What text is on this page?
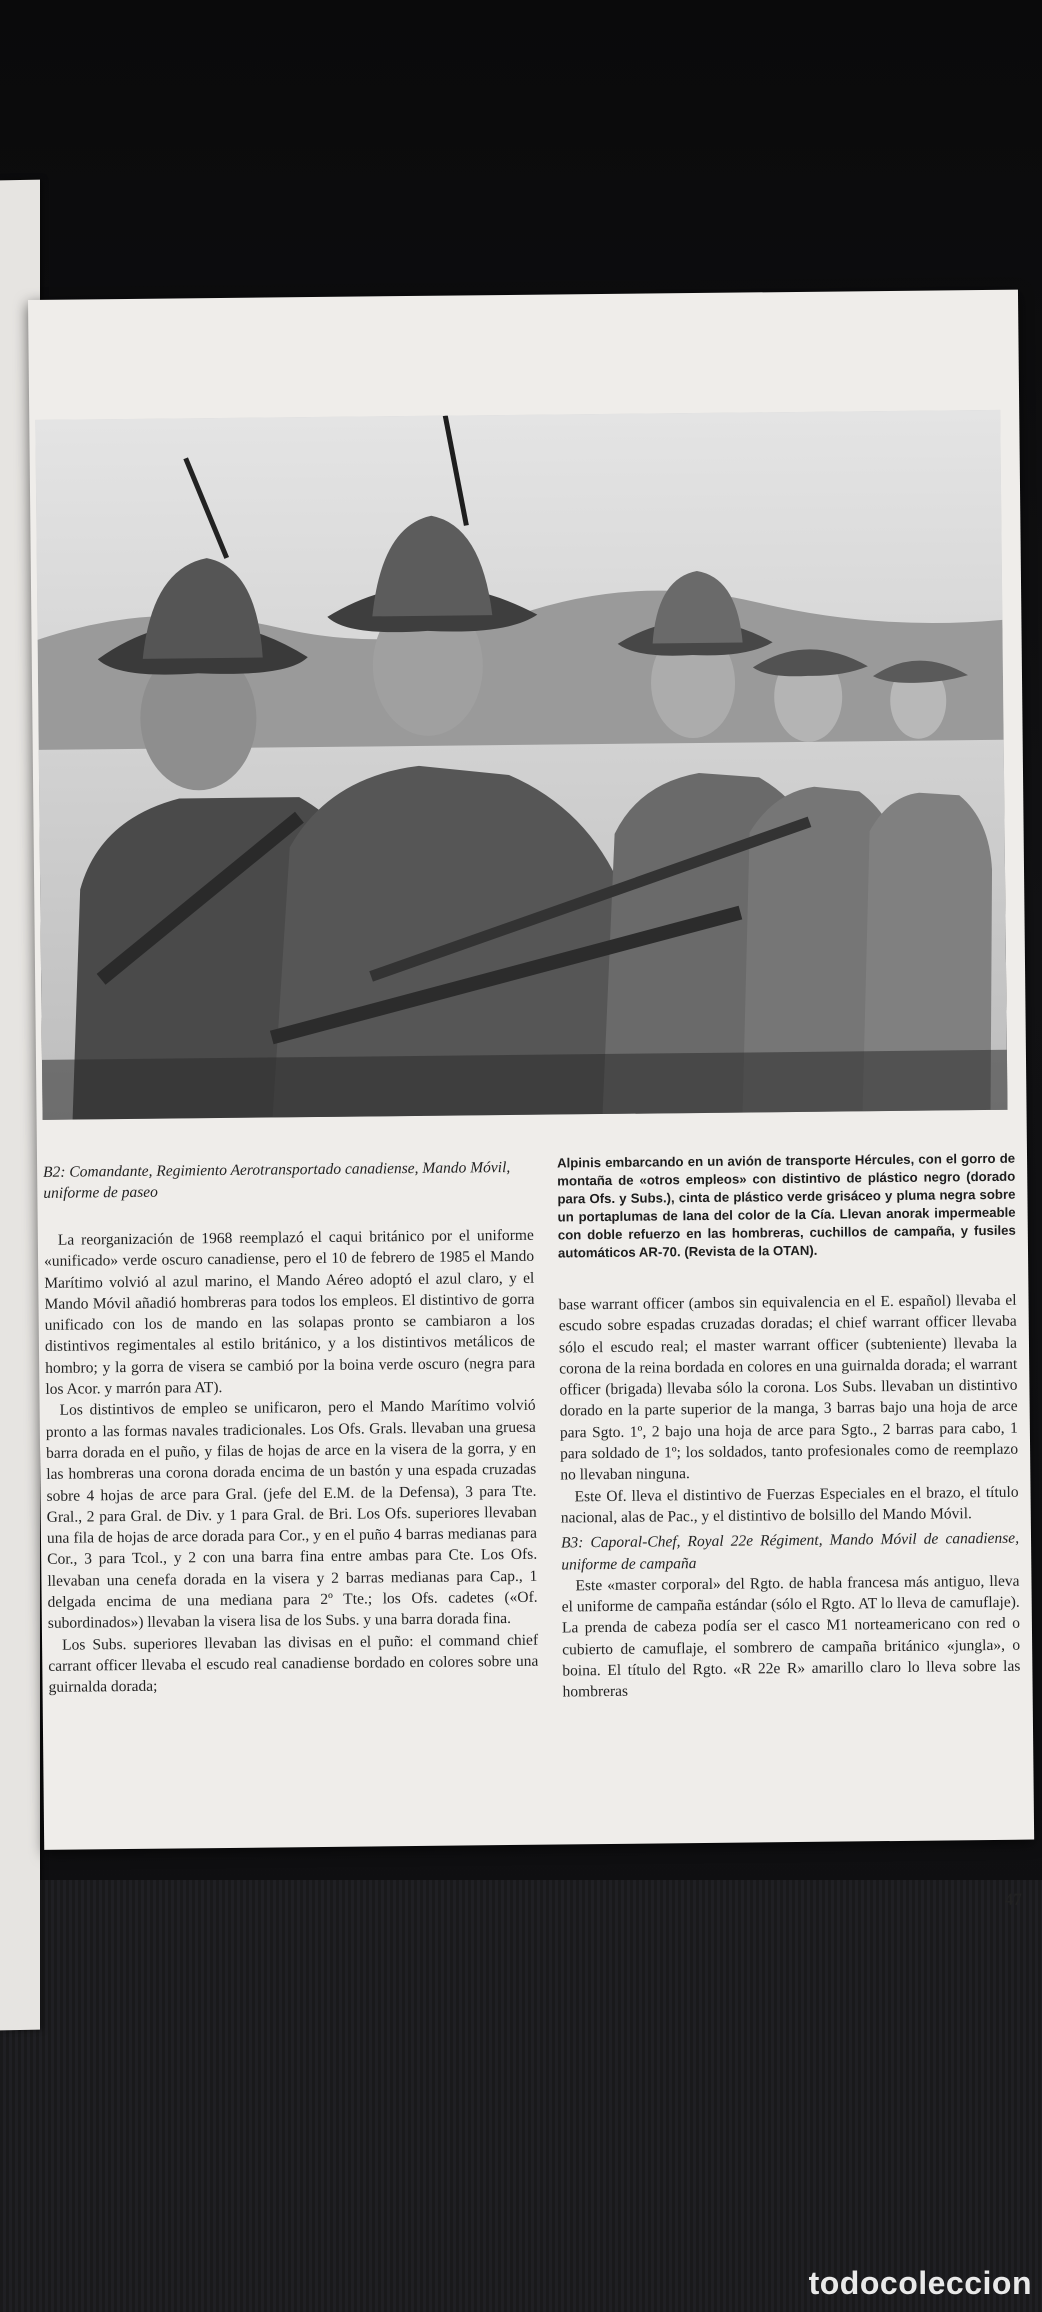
B2: Comandante, Regimiento Aerotransportado canadiense, Mando Móvil, uniforme de paseo

La reorganización de 1968 reemplazó el caqui británico por el uniforme «unificado» verde oscuro canadiense, pero el 10 de febrero de 1985 el Mando Marítimo volvió al azul marino, el Mando Aéreo adoptó el azul claro, y el Mando Móvil añadió hombreras para todos los empleos. El distintivo de gorra unificado con los de mando en las solapas pronto se cambiaron a los distintivos regimentales al estilo británico, y a los distintivos metálicos de hombro; y la gorra de visera se cambió por la boina verde oscuro (negra para los Acor. y marrón para AT).

Los distintivos de empleo se unificaron, pero el Mando Marítimo volvió pronto a las formas navales tradicionales. Los Ofs. Grals. llevaban una gruesa barra dorada en el puño, y filas de hojas de arce en la visera de la gorra, y en las hombreras una corona dorada encima de un bastón y una espada cruzadas sobre 4 hojas de arce para Gral. (jefe del E.M. de la Defensa), 3 para Tte. Gral., 2 para Gral. de Div. y 1 para Gral. de Bri. Los Ofs. superiores llevaban una fila de hojas de arce dorada para Cor., y en el puño 4 barras medianas para Cor., 3 para Tcol., y 2 con una barra fina entre ambas para Cte. Los Ofs. llevaban una cenefa dorada en la visera y 2 barras medianas para Cap., 1 delgada encima de una mediana para 2º Tte.; los Ofs. cadetes («Of. subordinados») llevaban la visera lisa de los Subs. y una barra dorada fina.

Los Subs. superiores llevaban las divisas en el puño: el command chief carrant officer llevaba el escudo real canadiense bordado en colores sobre una guirnalda dorada;

Alpinis embarcando en un avión de transporte Hércules, con el gorro de montaña de «otros empleos» con distintivo de plástico negro (dorado para Ofs. y Subs.), cinta de plástico verde grisáceo y pluma negra sobre un portaplumas de lana del color de la Cía. Llevan anorak impermeable con doble refuerzo en las hombreras, cuchillos de campaña, y fusiles automáticos AR-70. (Revista de la OTAN).

base warrant officer (ambos sin equivalencia en el E. español) llevaba el escudo sobre espadas cruzadas doradas; el chief warrant officer llevaba sólo el escudo real; el master warrant officer (subteniente) llevaba la corona de la reina bordada en colores en una guirnalda dorada; el warrant officer (brigada) llevaba sólo la corona. Los Subs. llevaban un distintivo dorado en la parte superior de la manga, 3 barras bajo una hoja de arce para Sgto. 1º, 2 bajo una hoja de arce para Sgto., 2 barras para cabo, 1 para soldado de 1º; los soldados, tanto profesionales como de reemplazo no llevaban ninguna.

Este Of. lleva el distintivo de Fuerzas Especiales en el brazo, el título nacional, alas de Pac., y el distintivo de bolsillo del Mando Móvil.

B3: Caporal-Chef, Royal 22e Régiment, Mando Móvil de canadiense, uniforme de campaña

Este «master corporal» del Rgto. de habla francesa más antiguo, lleva el uniforme de campaña estándar (sólo el Rgto. AT lo lleva de camuflaje). La prenda de cabeza podía ser el casco M1 norteamericano con red o cubierto de camuflaje, el sombrero de campaña británico «jungla», o boina. El título del Rgto. «R 22e R» amarillo claro lo lleva sobre las hombreras

47
todocoleccion
